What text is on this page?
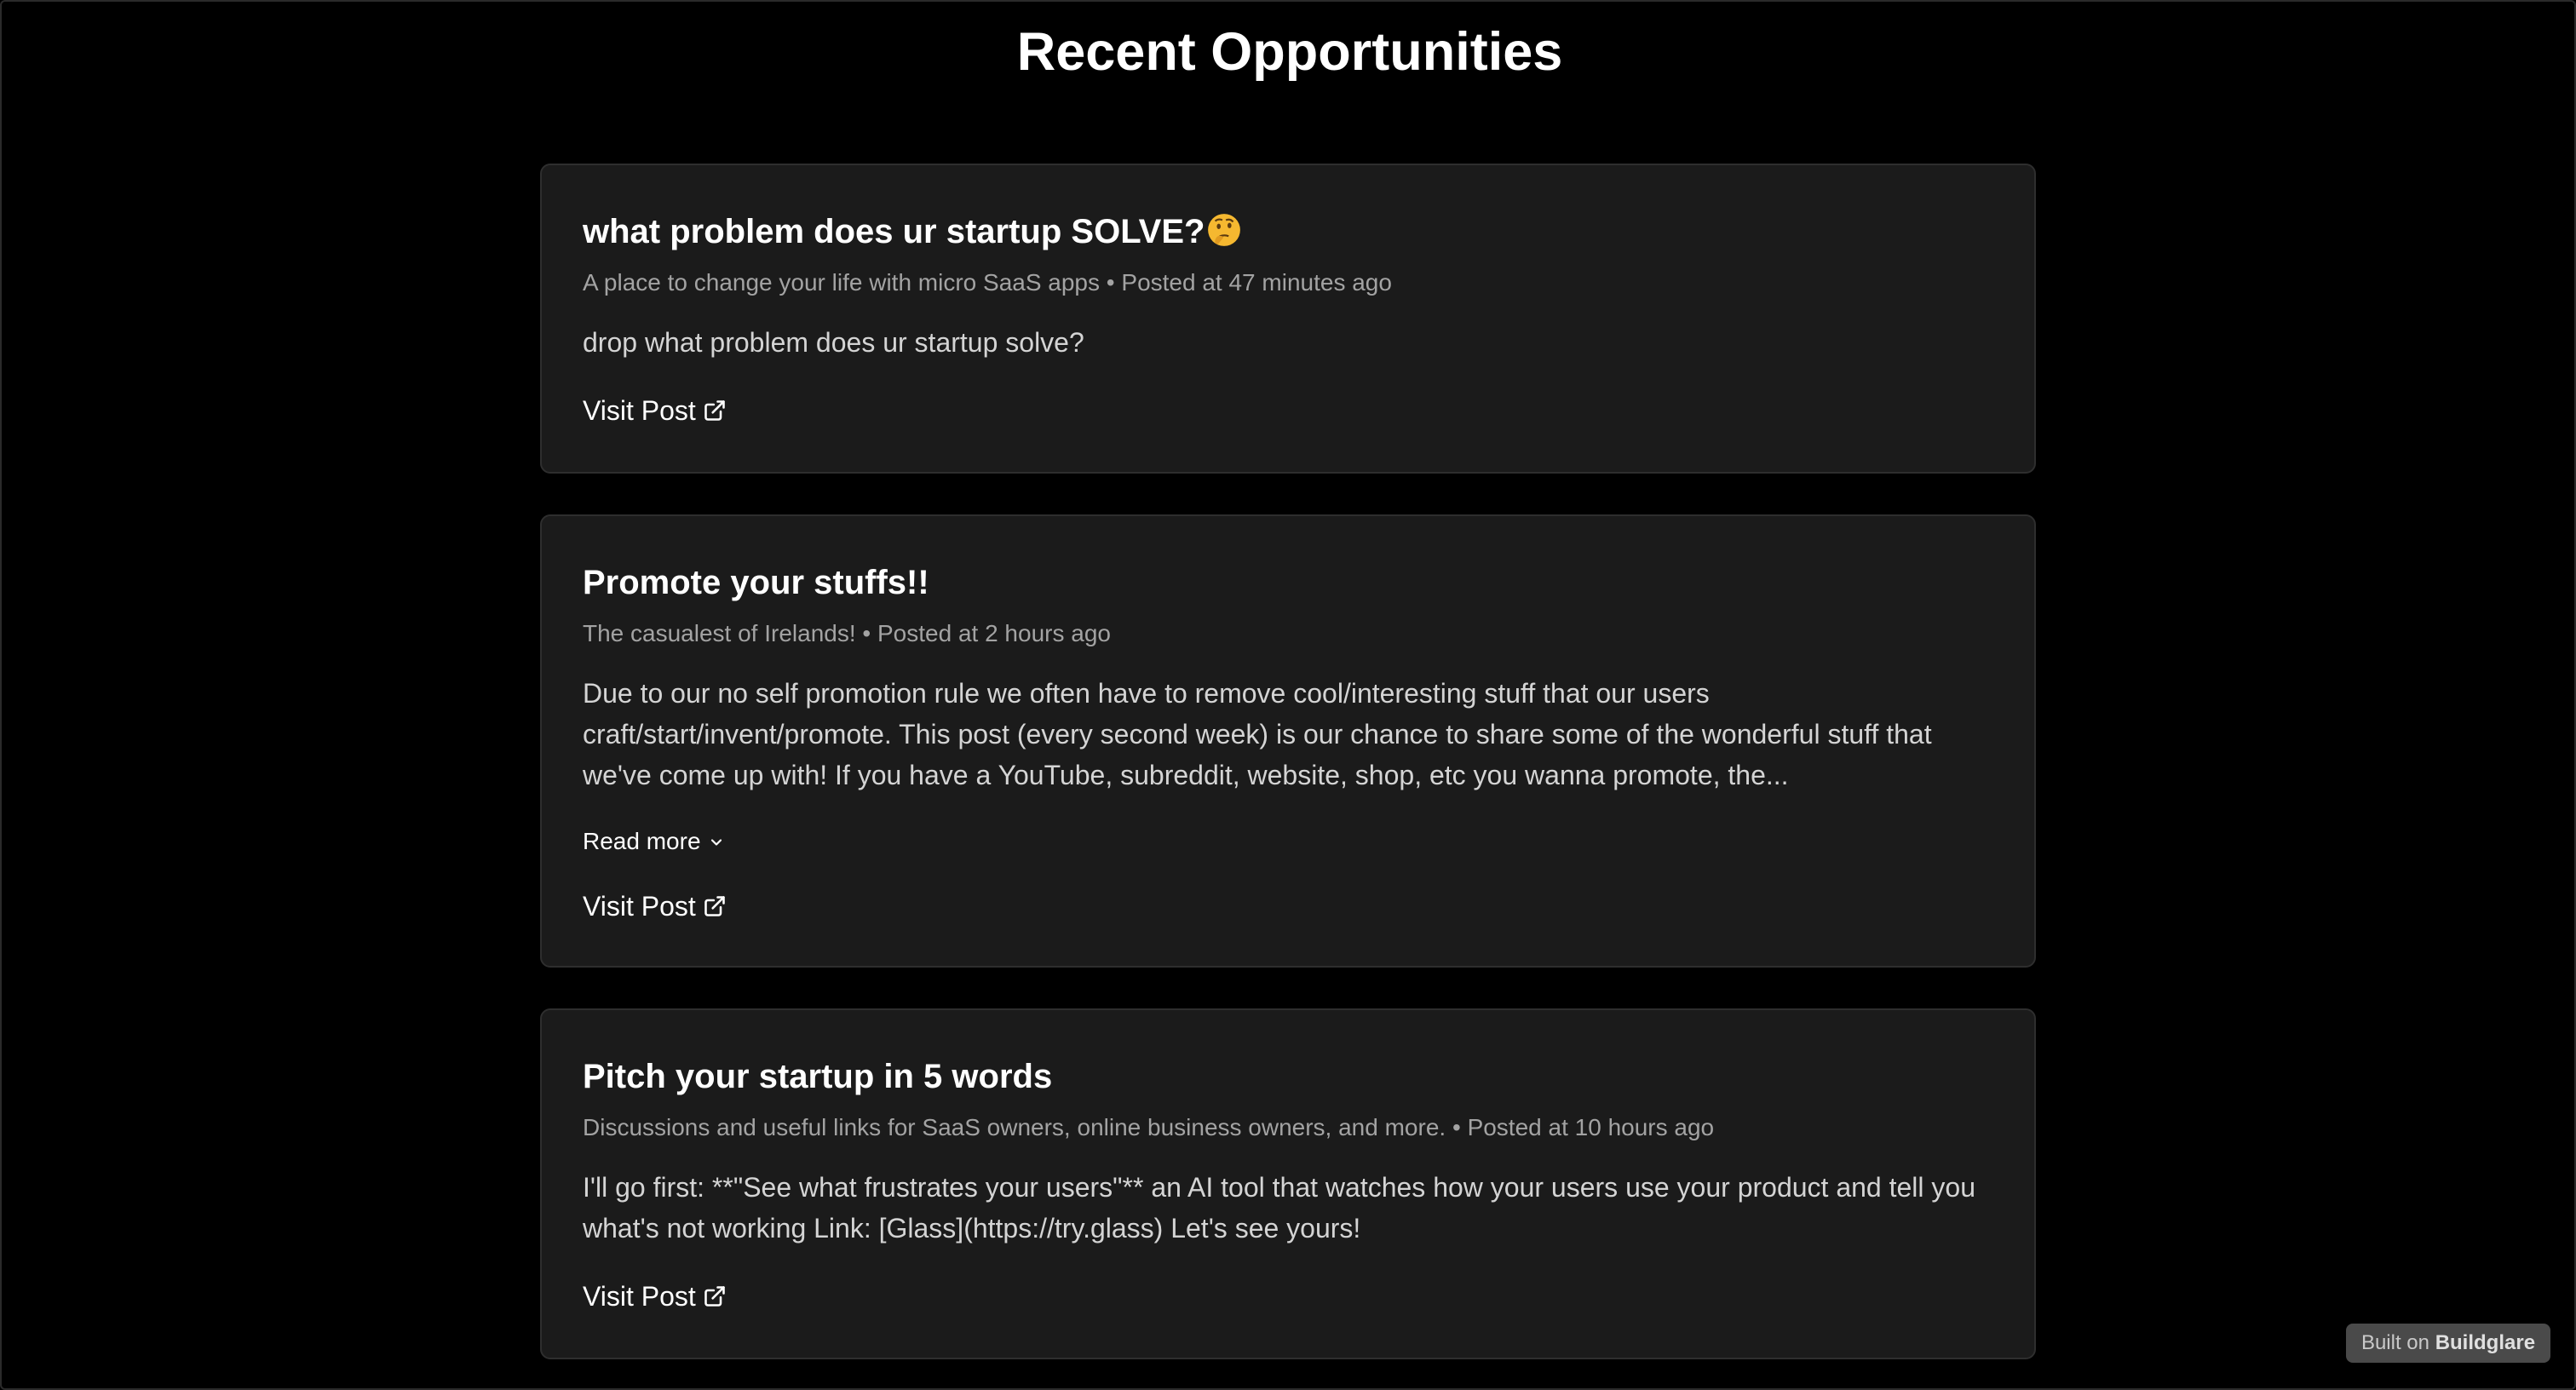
Recent Opportunities
what problem does ur startup SOLVE?
A place to change your life with micro SaaS apps • Posted at 47 minutes ago
drop what problem does ur startup solve?
Visit Post
Promote your stuffs!!
The casualest of Irelands! • Posted at 2 hours ago
Due to our no self promotion rule we often have to remove cool/interesting stuff that our users craft/start/invent/promote. This post (every second week) is our chance to share some of the wonderful stuff that we've come up with! If you have a YouTube, subreddit, website, shop, etc you wanna promote, the...
Read more
Visit Post
Pitch your startup in 5 words
Discussions and useful links for SaaS owners, online business owners, and more. • Posted at 10 hours ago
I'll go first: **"See what frustrates your users"** an AI tool that watches how your users use your product and tell you what's not working Link: [Glass](https://try.glass) Let's see yours!
Visit Post
Built on Buildglare
